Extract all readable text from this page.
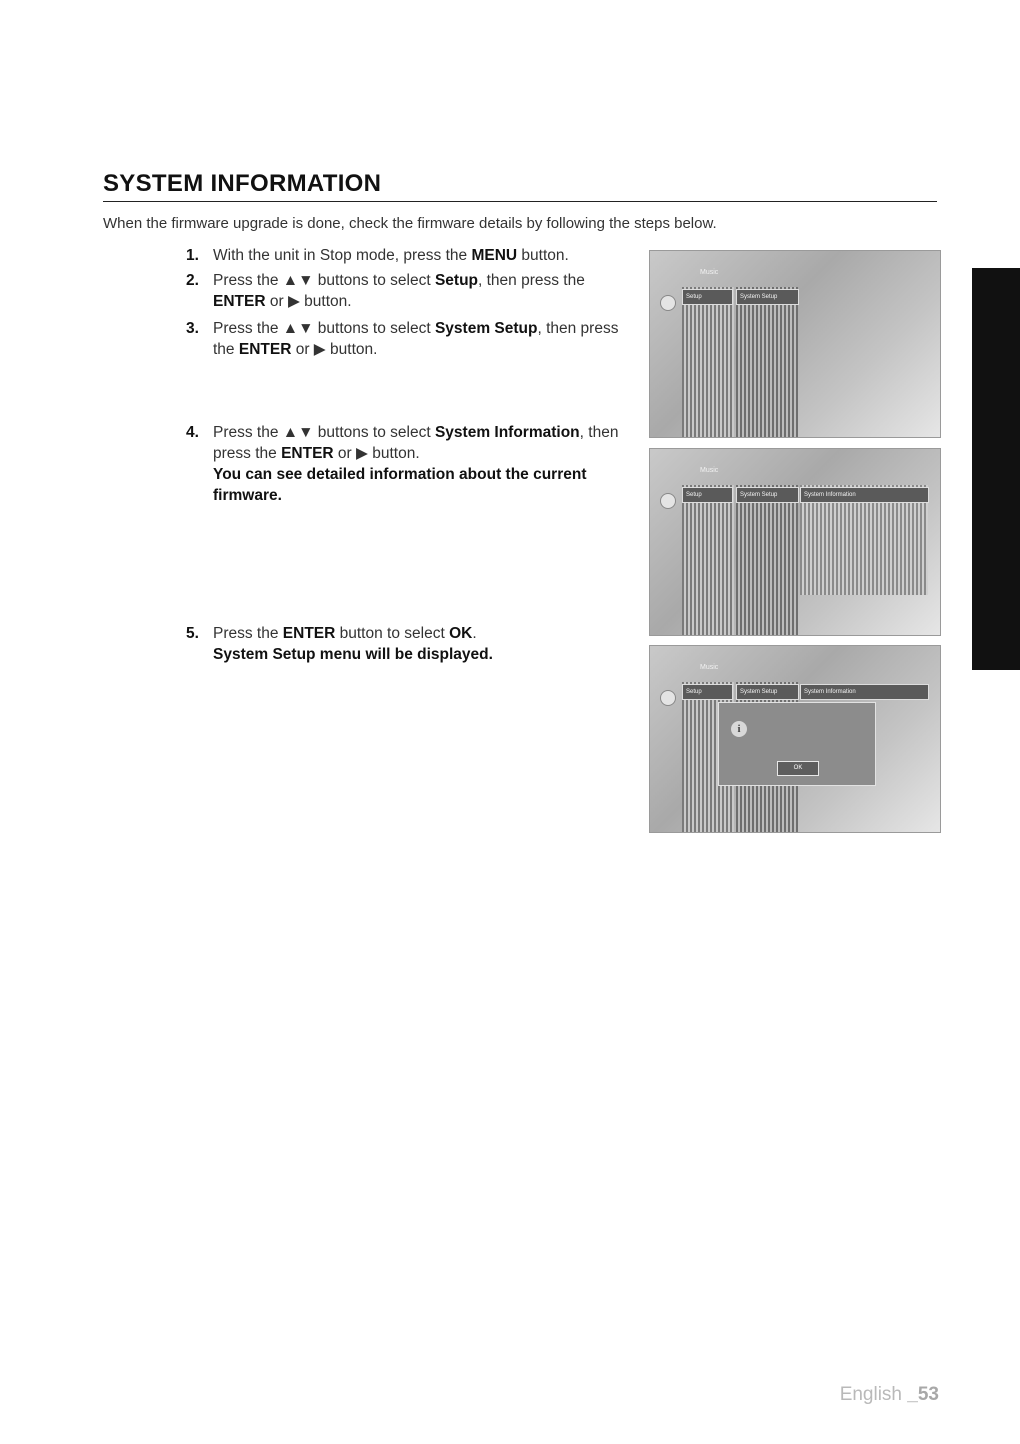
SYSTEM INFORMATION
When the firmware upgrade is done, check the firmware details by following the steps below.
1. With the unit in Stop mode, press the MENU button.
2. Press the ▲▼ buttons to select Setup, then press the ENTER or ▶ button.
3. Press the ▲▼ buttons to select System Setup, then press the ENTER or ▶ button.
4. Press the ▲▼ buttons to select System Information, then press the ENTER or ▶ button.
You can see detailed information about the current firmware.
5. Press the ENTER button to select OK.
System Setup menu will be displayed.
Music
Setup	System Setup
Music
Setup	System Setup	System Information
Music
Setup	System Setup	System Information
i
OK
English _53
